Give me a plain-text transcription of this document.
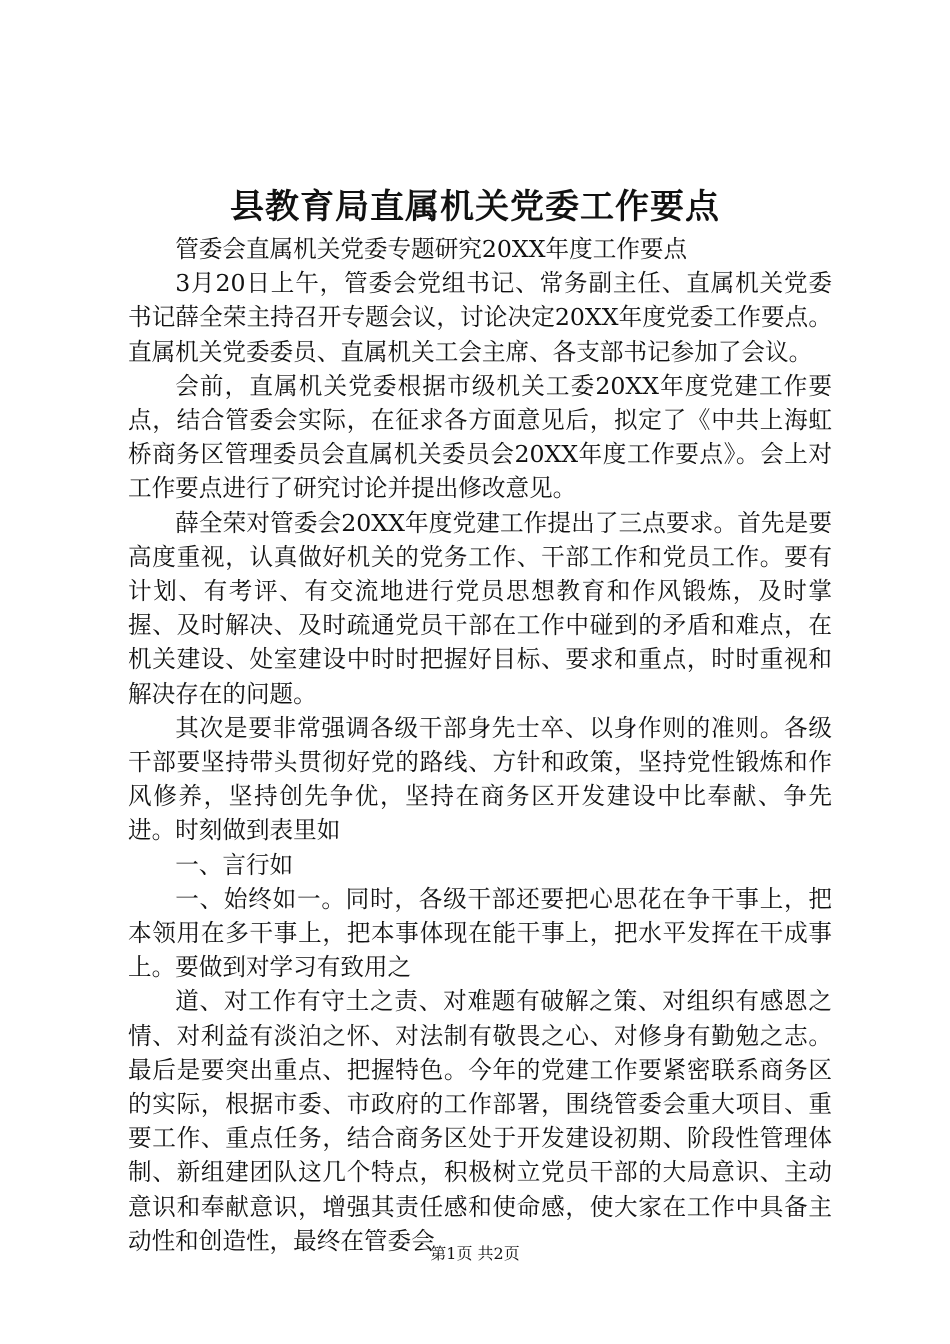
县教育局直属机关党委工作要点

管委会直属机关党委专题研究20XX年度工作要点

3月20日上午，管委会党组书记、常务副主任、直属机关党委书记薛全荣主持召开专题会议，讨论决定20XX年度党委工作要点。直属机关党委委员、直属机关工会主席、各支部书记参加了会议。

会前，直属机关党委根据市级机关工委20XX年度党建工作要点，结合管委会实际，在征求各方面意见后，拟定了《中共上海虹桥商务区管理委员会直属机关委员会20XX年度工作要点》。会上对工作要点进行了研究讨论并提出修改意见。

薛全荣对管委会20XX年度党建工作提出了三点要求。首先是要高度重视，认真做好机关的党务工作、干部工作和党员工作。要有计划、有考评、有交流地进行党员思想教育和作风锻炼，及时掌握、及时解决、及时疏通党员干部在工作中碰到的矛盾和难点，在机关建设、处室建设中时时把握好目标、要求和重点，时时重视和解决存在的问题。

其次是要非常强调各级干部身先士卒、以身作则的准则。各级干部要坚持带头贯彻好党的路线、方针和政策，坚持党性锻炼和作风修养，坚持创先争优，坚持在商务区开发建设中比奉献、争先进。时刻做到表里如

一、言行如

一、始终如一。同时，各级干部还要把心思花在争干事上，把本领用在多干事上，把本事体现在能干事上，把水平发挥在干成事上。要做到对学习有致用之

道、对工作有守土之责、对难题有破解之策、对组织有感恩之情、对利益有淡泊之怀、对法制有敬畏之心、对修身有勤勉之志。最后是要突出重点、把握特色。今年的党建工作要紧密联系商务区的实际，根据市委、市政府的工作部署，围绕管委会重大项目、重要工作、重点任务，结合商务区处于开发建设初期、阶段性管理体制、新组建团队这几个特点，积极树立党员干部的大局意识、主动意识和奉献意识，增强其责任感和使命感，使大家在工作中具备主动性和创造性，最终在管委会

第1页 共2页
